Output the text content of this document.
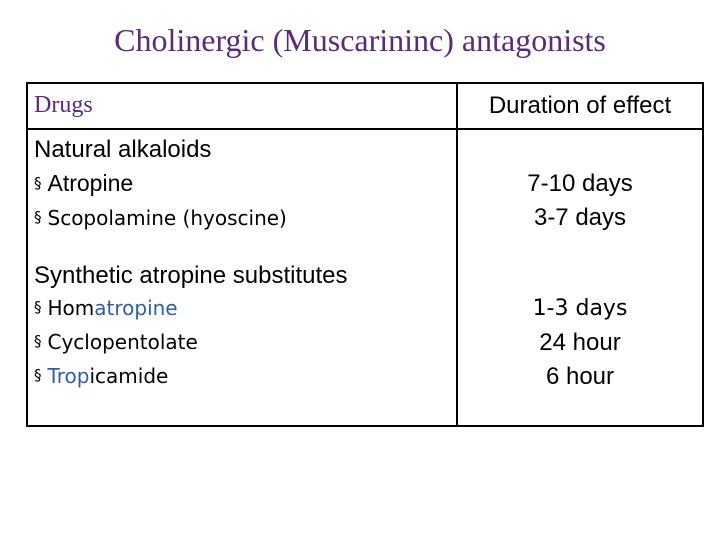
Cholinergic (Muscarininc) antagonists
Drugs	Duration of effect
Natural alkaloids
§ Atropine
§ Scopolamine (hyoscine)
7-10 days
3-7 days
Synthetic atropine substitutes
§ Homatropine
§ Cyclopentolate
§ Tropicamide
1-3 days
24 hour
6 hour
